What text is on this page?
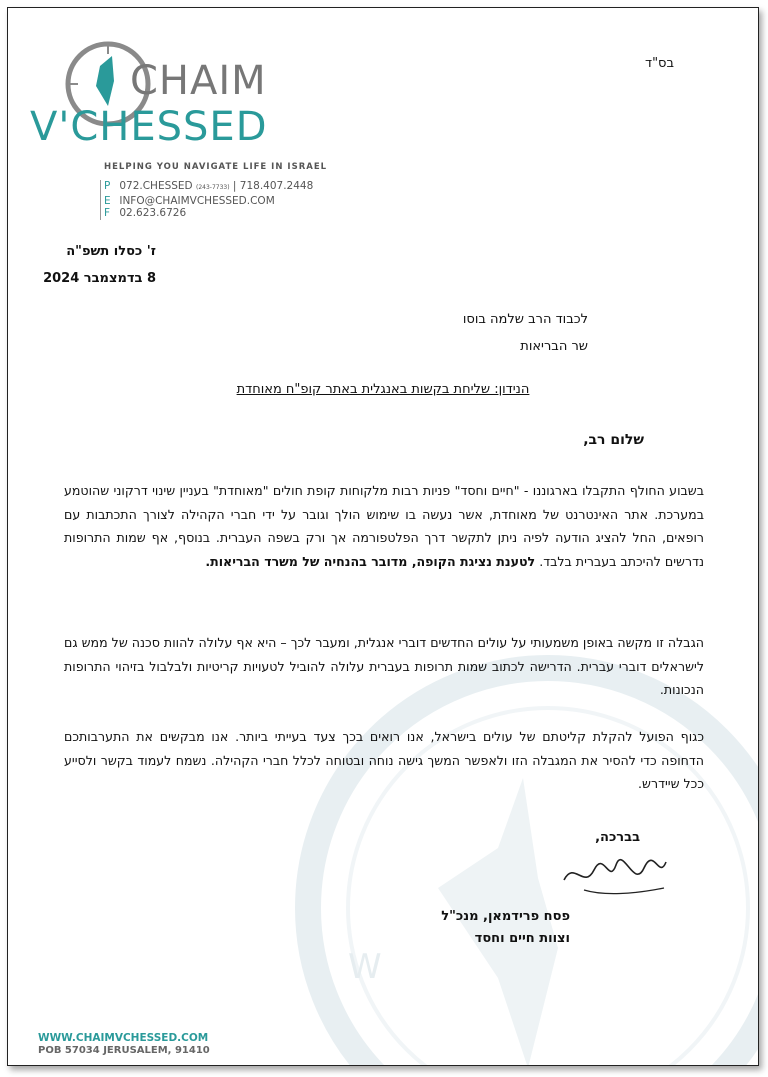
W
CHAIM
V'CHESSED
HELPING YOU NAVIGATE LIFE IN ISRAEL
P 072.CHESSED (243-7733) | 718.407.2448
E INFO@CHAIMVCHESSED.COM
F 02.623.6726
בס"ד
ז' כסלו תשפ"ה
8 בדמצמבר 2024
לכבוד הרב שלמה בוסו
שר הבריאות
הנידון: שליחת בקשות באנגלית באתר קופ"ח מאוחדת
שלום רב,
בשבוע החולף התקבלו בארגוננו - "חיים וחסד" פניות רבות מלקוחות קופת חולים "מאוחדת" בעניין שינוי דרקוני שהוטמע במערכת. אתר האינטרנט של מאוחדת, אשר נעשה בו שימוש הולך וגובר על ידי חברי הקהילה לצורך התכתבות עם רופאים, החל להציג הודעה לפיה ניתן לתקשר דרך הפלטפורמה אך ורק בשפה העברית. בנוסף, אף שמות התרופות נדרשים להיכתב בעברית בלבד. לטענת נציגת הקופה, מדובר בהנחיה של משרד הבריאות.
הגבלה זו מקשה באופן משמעותי על עולים החדשים דוברי אנגלית, ומעבר לכך – היא אף עלולה להוות סכנה של ממש גם לישראלים דוברי עברית. הדרישה לכתוב שמות תרופות בעברית עלולה להוביל לטעויות קריטיות ולבלבול בזיהוי התרופות הנכונות.
כגוף הפועל להקלת קליטתם של עולים בישראל, אנו רואים בכך צעד בעייתי ביותר. אנו מבקשים את התערבותכם הדחופה כדי להסיר את המגבלה הזו ולאפשר המשך גישה נוחה ובטוחה לכלל חברי הקהילה. נשמח לעמוד בקשר ולסייע ככל שיידרש.
בברכה,
פסח פרידמאן, מנכ"ל
וצוות חיים וחסד
WWW.CHAIMVCHESSED.COM
POB 57034 JERUSALEM, 91410
